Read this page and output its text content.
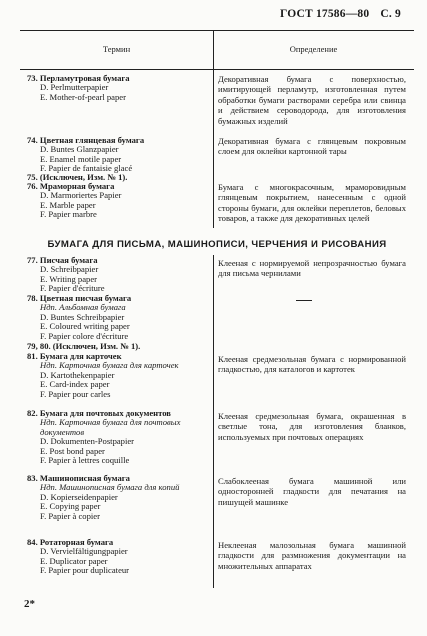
ГОСТ 17586—80 С. 9
Термин	Определение
73. Перламутровая бумага
D. Perlmutterpapier
E. Mother-of-pearl paper
Декоративная бумага с поверхностью, имитирующей перламутр, изготовленная путем обработки бумаги растворами серебра или свинца и действием сероводорода, для изготовления бумажных изделий
74. Цветная глянцевая бумага
D. Buntes Glanzpapier
E. Enamel motile paper
F. Papier de fantaisie glacé
Декоративная бумага с глянцевым покровным слоем для оклейки картонной тары
75. (Исключен, Изм. № 1).
76. Мраморная бумага
D. Marmoriertes Papier
E. Marble paper
F. Papier marbre
Бумага с многокрасочным, мраморовидным глянцевым покрытием, нанесенным с одной стороны бумаги, для оклейки переплетов, беловых товаров, а также для декоративных целей
БУМАГА ДЛЯ ПИСЬМА, МАШИНОПИСИ, ЧЕРЧЕНИЯ И РИСОВАНИЯ
77. Писчая бумага
D. Schreibpapier
E. Writing paper
F. Papier d'écriture
Клееная с нормируемой непрозрачностью бумага для письма чернилами
78. Цветная писчая бумага
Ндп. Альбомная бумага
D. Buntes Schreibpapier
E. Coloured writing paper
F. Papier colore d'écriture
79, 80. (Исключен, Изм. № 1).
81. Бумага для карточек
Ндп. Карточная бумага для карточек
D. Kartothekenpapier
E. Card-index paper
F. Papier pour carles
Клееная средмезольная бумага с нормированной гладкостью, для каталогов и картотек
82. Бумага для почтовых документов
Ндп. Карточная бумага для почтовых документов
D. Dokumenten-Postpapier
E. Post bond paper
F. Papier à lettres coquille
Клееная средмезольная бумага, окрашенная в светлые тона, для изготовления бланков, используемых при почтовых операциях
83. Машинописная бумага
Ндп. Машинописная бумага для копий
D. Kopierseidenpapier
E. Copying paper
F. Papier à copier
Слабоклееная бумага машинной или односторонней гладкости для печатания на пишущей машинке
84. Ротаторная бумага
D. Vervielfältigungpapier
E. Duplicator paper
F. Papier pour duplicateur
Неклееная малозольная бумага машинной гладкости для размножения документации на множительных аппаратах
2*
